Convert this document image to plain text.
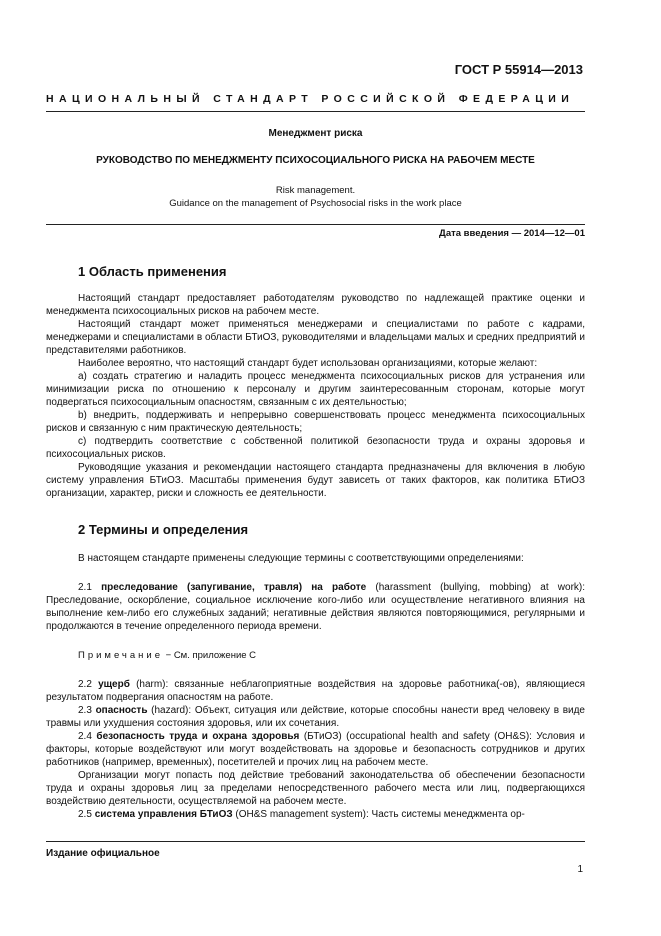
ГОСТ Р 55914—2013
НАЦИОНАЛЬНЫЙ СТАНДАРТ РОССИЙСКОЙ ФЕДЕРАЦИИ
Менеджмент риска
РУКОВОДСТВО ПО МЕНЕДЖМЕНТУ ПСИХОСОЦИАЛЬНОГО РИСКА НА РАБОЧЕМ МЕСТЕ
Risk management.
Guidance on the management of Psychosocial risks in the work place
Дата введения — 2014—12—01
1 Область применения

Настоящий стандарт предоставляет работодателям руководство по надлежащей практике оценки и менеджмента психосоциальных рисков на рабочем месте.

Настоящий стандарт может применяться менеджерами и специалистами по работе с кадрами, менеджерами и специалистами в области БТиОЗ, руководителями и владельцами малых и средних предприятий и представителями работников.

Наиболее вероятно, что настоящий стандарт будет использован организациями, которые желают:

а) создать стратегию и наладить процесс менеджмента психосоциальных рисков для устранения или минимизации риска по отношению к персоналу и другим заинтересованным сторонам, которые могут подвергаться психосоциальным опасностям, связанным с их деятельностью;

b) внедрить, поддерживать и непрерывно совершенствовать процесс менеджмента психосоциальных рисков и связанную с ним практическую деятельность;

с) подтвердить соответствие с собственной политикой безопасности труда и охраны здоровья и психосоциальных рисков.

Руководящие указания и рекомендации настоящего стандарта предназначены для включения в любую систему управления БТиОЗ. Масштабы применения будут зависеть от таких факторов, как политика БТиОЗ организации, характер, риски и сложность ее деятельности.

2 Термины и определения

В настоящем стандарте применены следующие термины с соответствующими определениями:

2.1 преследование (запугивание, травля) на работе (harassment (bullying, mobbing) at work): Преследование, оскорбление, социальное исключение кого-либо или осуществление негативного влияния на выполнение кем-либо его служебных заданий; негативные действия являются повторяющимися, регулярными и продолжаются в течение определенного периода времени.

Примечание − См. приложение С

2.2 ущерб (harm): связанные неблагоприятные воздействия на здоровье работника(-ов), являющиеся результатом подвергания опасностям на работе.

2.3 опасность (hazard): Объект, ситуация или действие, которые способны нанести вред человеку в виде травмы или ухудшения состояния здоровья, или их сочетания.

2.4 безопасность труда и охрана здоровья (БТиОЗ) (occupational health and safety (OH&S): Условия и факторы, которые воздействуют или могут воздействовать на здоровье и безопасность сотрудников и других работников (например, временных), посетителей и прочих лиц на рабочем месте.

Организации могут попасть под действие требований законодательства об обеспечении безопасности труда и охраны здоровья лиц за пределами непосредственного рабочего места или лиц, подвергающихся воздействию деятельности, осуществляемой на рабочем месте.

2.5 система управления БТиОЗ (OH&S management system): Часть системы менеджмента ор-

Издание официальное
1
